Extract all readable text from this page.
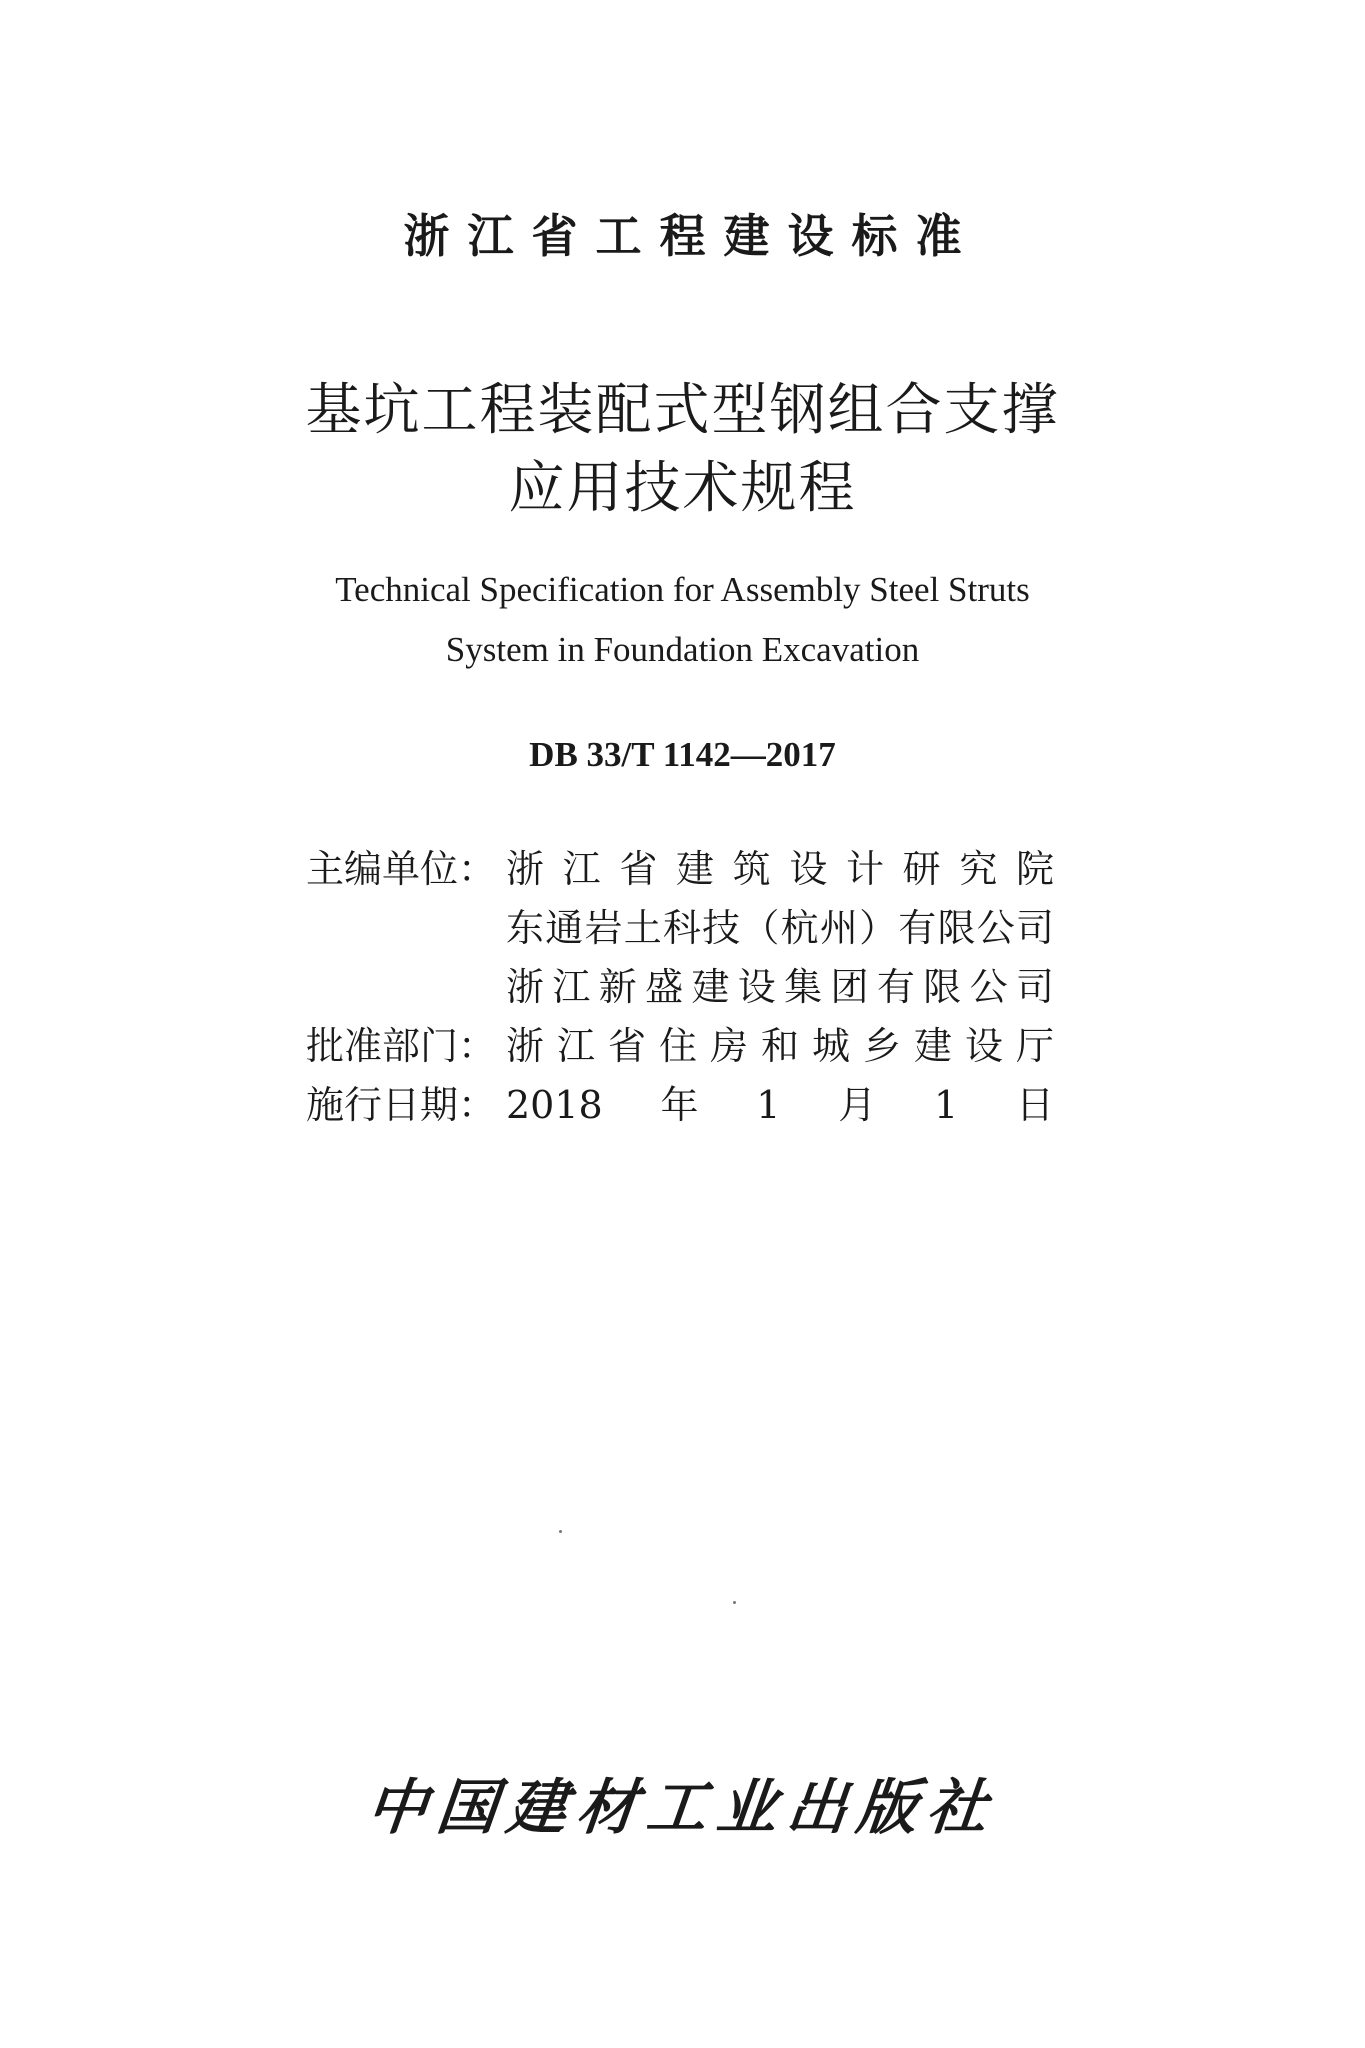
浙江省工程建设标准
基坑工程装配式型钢组合支撑
应用技术规程
Technical Specification for Assembly Steel Struts
System in Foundation Excavation
DB 33/T 1142—2017
主编单位： 浙​江​省​建​筑​设​计​研​究​院
东​通​岩​土​科​技​（​杭​州​）​有​限​公​司
浙​江​新​盛​建​设​集​团​有​限​公​司
批准部门： 浙​江​省​住​房​和​城​乡​建​设​厅
施行日期： 2​0​1​8​年​1​月​1​日
中国建材工业出版社
